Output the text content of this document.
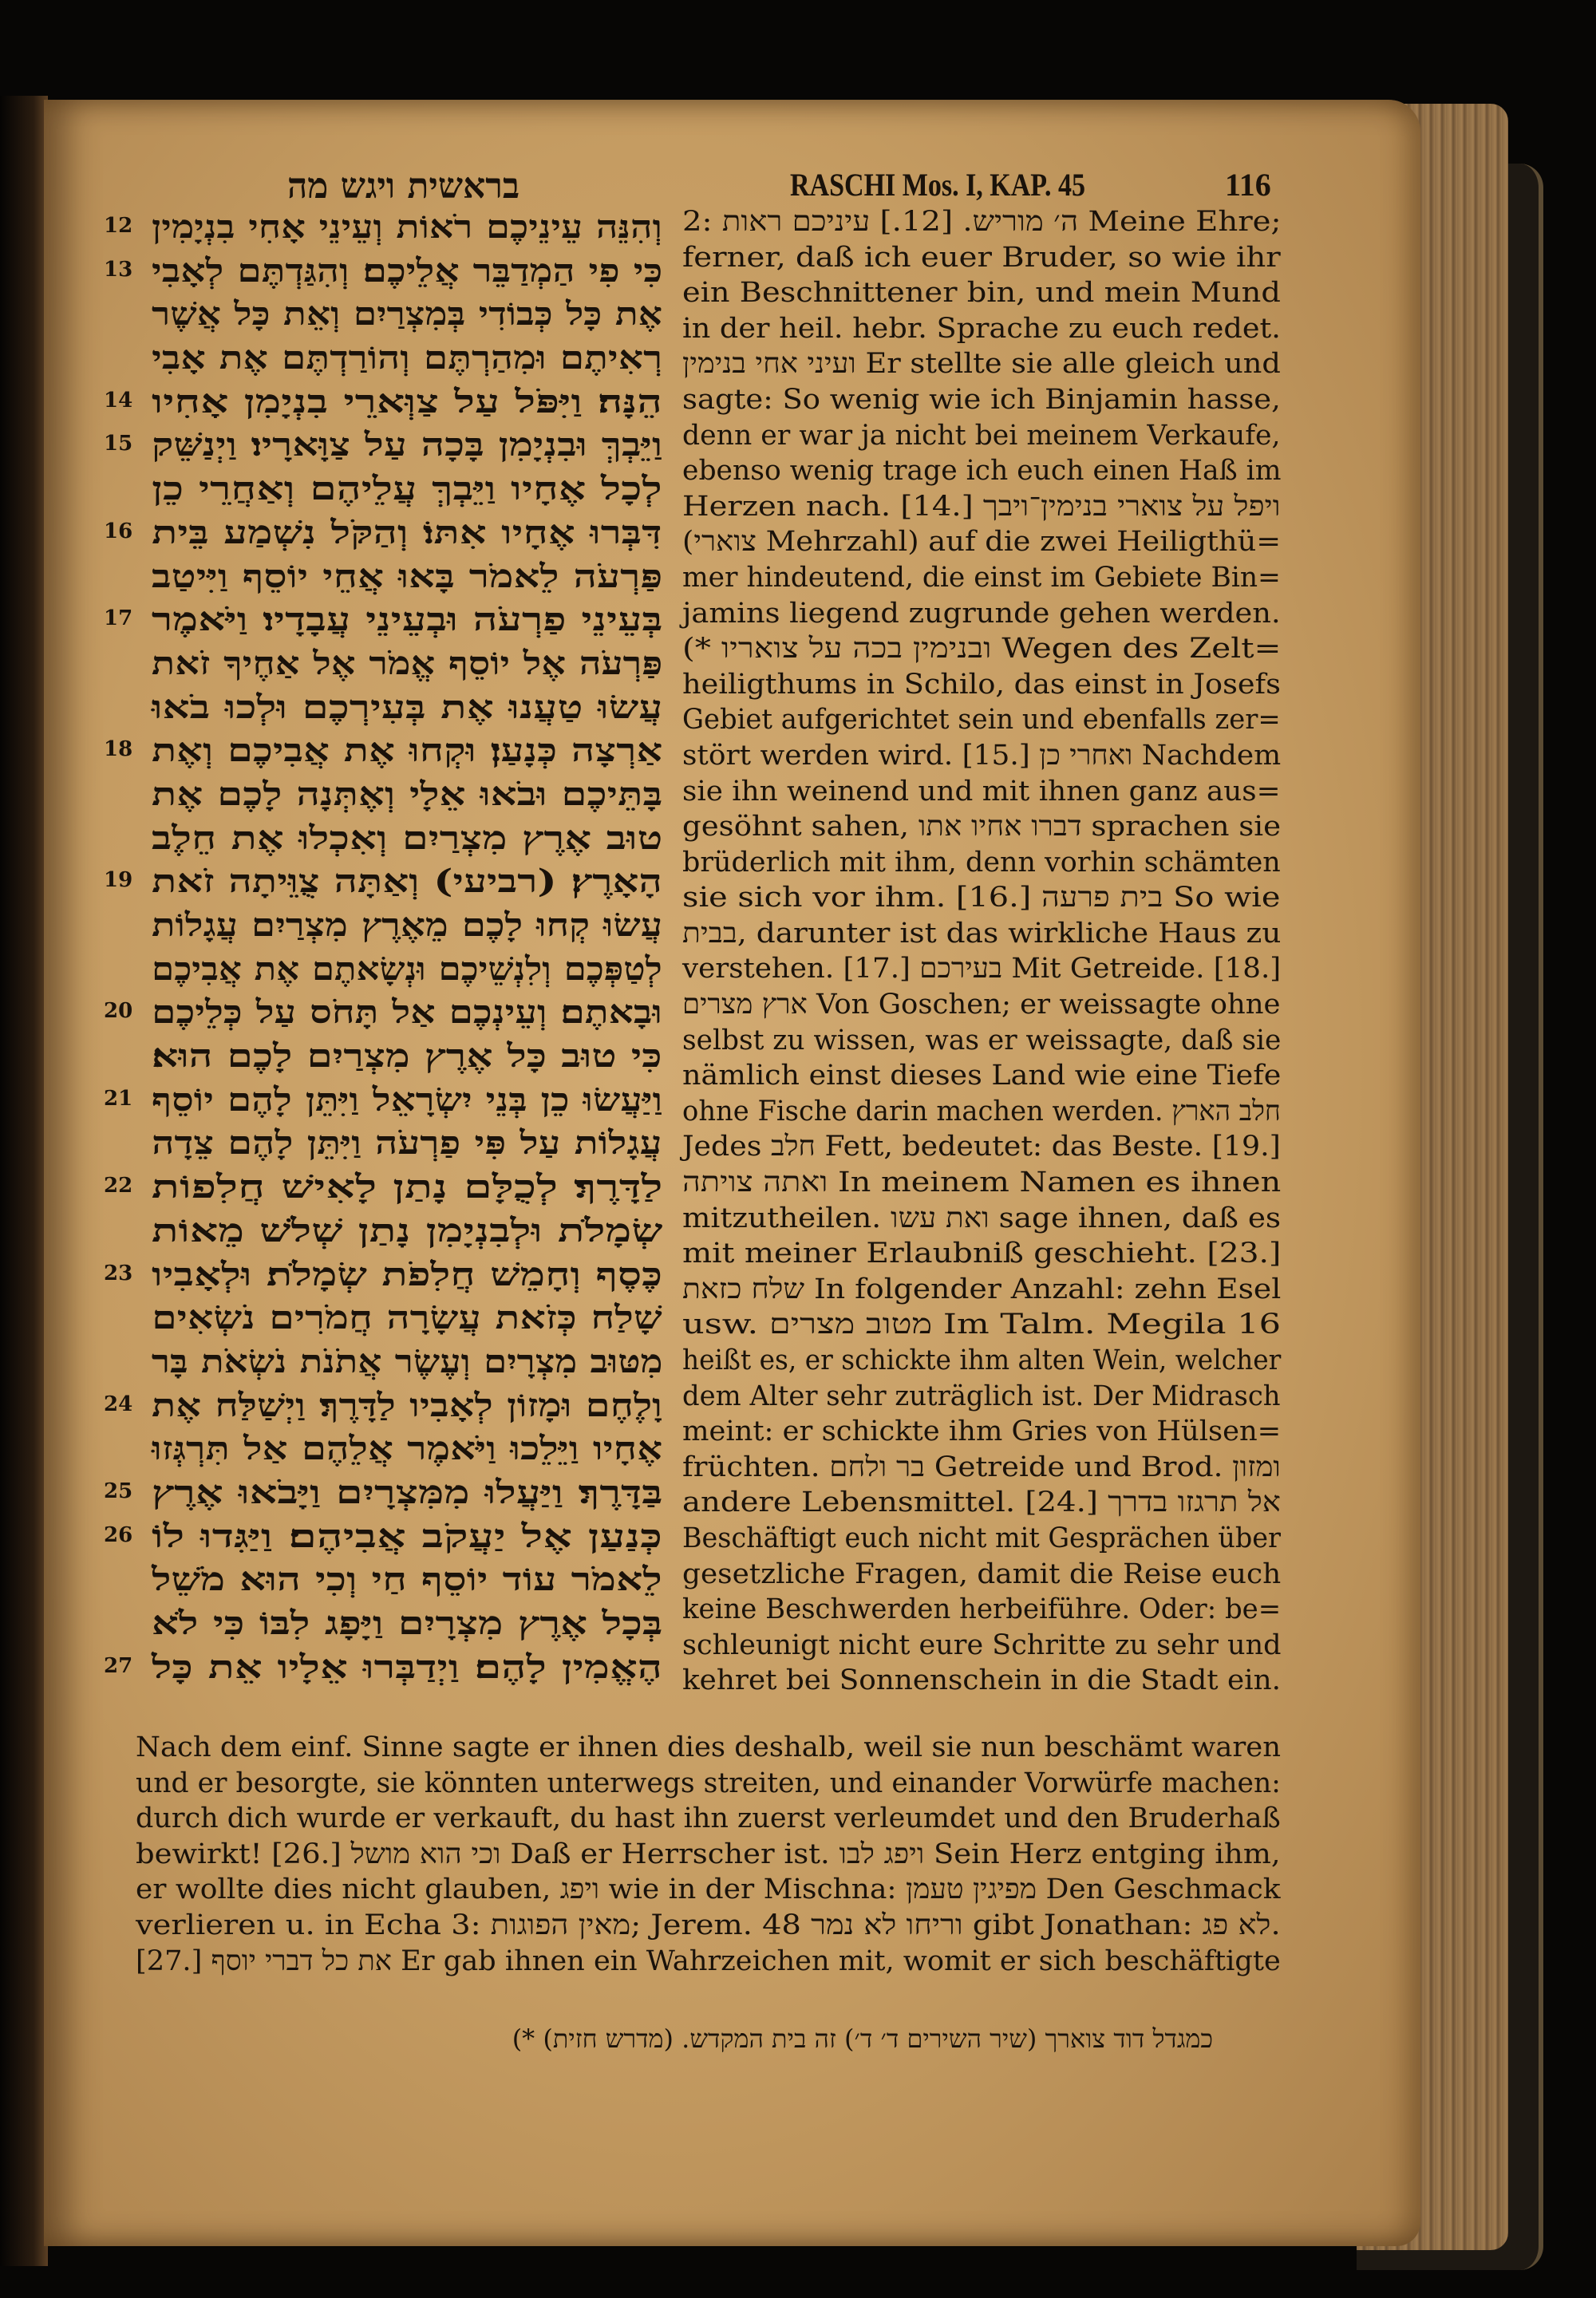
בראשית ויגש מה	RASCHI Mos. I, KAP. 45	116
12 וְהִנֵּה עֵינֵיכֶם רֹאוֹת וְעֵינֵי אָחִי בִנְיָמִין
13 כִּי פִי הַמְדַבֵּר אֲלֵיכֶם׃ וְהִגַּדְתֶּם לְאָבִי
אֶת כָּל כְּבוֹדִי בְּמִצְרַיִם וְאֵת כָּל אֲשֶׁר
רְאִיתֶם וּמִהַרְתֶּם וְהוֹרַדְתֶּם אֶת אָבִי
14 הֵנָּה׃ וַיִּפֹּל עַל צַוְּארֵי בִנְיָמִן אָחִיו
15 וַיֵּבְךְּ וּבִנְיָמִן בָּכָה עַל צַוָּארָיו׃ וַיְנַשֵּׁק
לְכָל אֶחָיו וַיֵּבְךְּ עֲלֵיהֶם וְאַחֲרֵי כֵן
16 דִּבְּרוּ אֶחָיו אִתּוֹ׃ וְהַקֹּל נִשְׁמַע בֵּית
פַּרְעֹה לֵאמֹר בָּאוּ אֲחֵי יוֹסֵף וַיִּיטַב
17 בְּעֵינֵי פַרְעֹה וּבְעֵינֵי עֲבָדָיו׃ וַיֹּאמֶר
פַּרְעֹה אֶל יוֹסֵף אֱמֹר אֶל אַחֶיךָ זֹאת
עֲשׂוּ טַעֲנוּ אֶת בְּעִירְכֶם וּלְכוּ בֹאוּ
18 אַרְצָה כְּנָעַן׃ וּקְחוּ אֶת אֲבִיכֶם וְאֶת
בָּתֵּיכֶם וּבֹאוּ אֵלָי וְאֶתְּנָה לָכֶם אֶת
טוּב אֶרֶץ מִצְרַיִם וְאִכְלוּ אֶת חֵלֶב
19 הָאָרֶץ׃ (רביעי) וְאַתָּה צֻוֵּיתָה זֹאת
עֲשׂוּ קְחוּ לָכֶם מֵאֶרֶץ מִצְרַיִם עֲגָלוֹת
לְטַפְּכֶם וְלִנְשֵׁיכֶם וּנְשָׂאתֶם אֶת אֲבִיכֶם
20 וּבָאתֶם׃ וְעֵינְכֶם אַל תָּחֹס עַל כְּלֵיכֶם
כִּי טוּב כָּל אֶרֶץ מִצְרַיִם לָכֶם הוּא׃
21 וַיַּעֲשׂוּ כֵן בְּנֵי יִשְׂרָאֵל וַיִּתֵּן לָהֶם יוֹסֵף
עֲגָלוֹת עַל פִּי פַרְעֹה וַיִּתֵּן לָהֶם צֵדָה
22 לַדָּרֶךְ׃ לְכֻלָּם נָתַן לָאִישׁ חֲלִפוֹת
שְׂמָלֹת וּלְבִנְיָמִן נָתַן שְׁלֹשׁ מֵאוֹת
23 כֶּסֶף וְחָמֵשׁ חֲלִפֹת שְׂמָלֹת׃ וּלְאָבִיו
שָׁלַח כְּזֹאת עֲשָׂרָה חֲמֹרִים נֹשְׂאִים
מִטּוּב מִצְרָיִם וְעֶשֶׂר אֲתֹנֹת נֹשְׂאֹת בָּר
24 וָלֶחֶם וּמָזוֹן לְאָבִיו לַדָּרֶךְ׃ וַיְשַׁלַּח אֶת
אֶחָיו וַיֵּלֵכוּ וַיֹּאמֶר אֲלֵהֶם אַל תִּרְגְּזוּ
25 בַּדָּרֶךְ׃ וַיַּעֲלוּ מִמִּצְרָיִם וַיָּבֹאוּ אֶרֶץ
26 כְּנַעַן אֶל יַעֲקֹב אֲבִיהֶם׃ וַיַּגִּדוּ לוֹ
לֵאמֹר עוֹד יוֹסֵף חַי וְכִי הוּא מֹשֵׁל
בְּכָל אֶרֶץ מִצְרָיִם וַיָּפָג לִבּוֹ כִּי לֹא
27 הֶאֱמִין לָהֶם׃ וַיְדַבְּרוּ אֵלָיו אֵת כָּל
2: ה׳ מוריש. [12.] עיניכם ראות Meine Ehre;
ferner, daß ich euer Bruder, so wie ihr
ein Beschnittener bin, und mein Mund
in der heil. hebr. Sprache zu euch redet.
ועיני אחי בנימין Er stellte sie alle gleich und
sagte: So wenig wie ich Binjamin hasse,
denn er war ja nicht bei meinem Verkaufe,
ebenso wenig trage ich euch einen Haß im
Herzen nach. [14.] ויפל על צוארי בנימין־ויבך
(צוארי Mehrzahl) auf die zwei Heiligthü=
mer hindeutend, die einst im Gebiete Bin=
jamins liegend zugrunde gehen werden.
(* ובנימין בכה על צואריו Wegen des Zelt=
heiligthums in Schilo, das einst in Josefs
Gebiet aufgerichtet sein und ebenfalls zer=
stört werden wird. [15.] ואחרי כן Nachdem
sie ihn weinend und mit ihnen ganz aus=
gesöhnt sahen, דברו אחיו אתו sprachen sie
brüderlich mit ihm, denn vorhin schämten
sie sich vor ihm. [16.] בית פרעה So wie
בבית, darunter ist das wirkliche Haus zu
verstehen. [17.] בעירכם Mit Getreide. [18.]
ארץ מצרים Von Goschen; er weissagte ohne
selbst zu wissen, was er weissagte, daß sie
nämlich einst dieses Land wie eine Tiefe
ohne Fische darin machen werden. חלב הארץ
Jedes חלב Fett, bedeutet: das Beste. [19.]
ואתה צויתה In meinem Namen es ihnen
mitzutheilen. ואת עשו sage ihnen, daß es
mit meiner Erlaubniß geschieht. [23.]
שלח כזאת In folgender Anzahl: zehn Esel
usw. מטוב מצרים Im Talm. Megila 16
heißt es, er schickte ihm alten Wein, welcher
dem Alter sehr zuträglich ist. Der Midrasch
meint: er schickte ihm Gries von Hülsen=
früchten. בר ולחם Getreide und Brod. ומזון
andere Lebensmittel. [24.] אל תרגזו בדרך
Beschäftigt euch nicht mit Gesprächen über
gesetzliche Fragen, damit die Reise euch
keine Beschwerden herbeiführe. Oder: be=
schleunigt nicht eure Schritte zu sehr und
kehret bei Sonnenschein in die Stadt ein.
Nach dem einf. Sinne sagte er ihnen dies deshalb, weil sie nun beschämt waren
und er besorgte, sie könnten unterwegs streiten, und einander Vorwürfe machen:
durch dich wurde er verkauft, du hast ihn zuerst verleumdet und den Bruderhaß
bewirkt! [26.] וכי הוא מושל Daß er Herrscher ist. ויפג לבו Sein Herz entging ihm,
er wollte dies nicht glauben, ויפג wie in der Mischna: מפיגין טעמן Den Geschmack
verlieren u. in Echa 3: מאין הפוגות; Jerem. 48 וריחו לא נמר gibt Jonathan: לא פג.
[27.] את כל דברי יוסף Er gab ihnen ein Wahrzeichen mit, womit er sich beschäftigte
כמגדל דוד צוארך (שיר השירים ד׳ ד׳) זה בית המקדש. (מדרש חזית) *)
